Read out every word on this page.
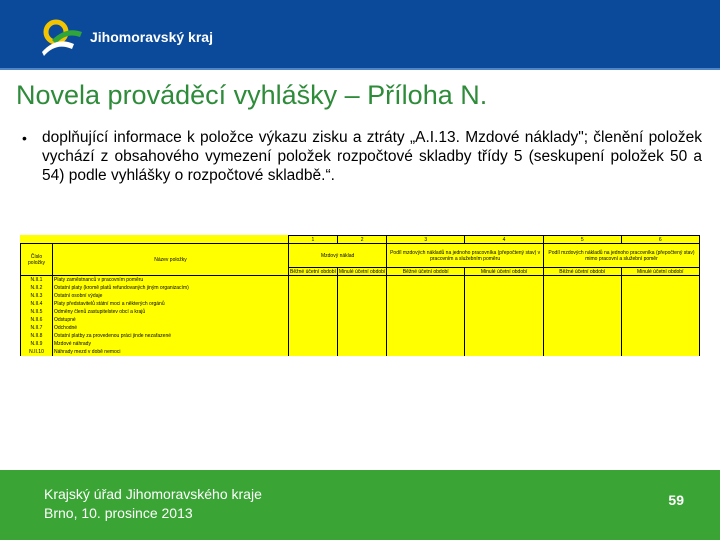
Jihomoravský kraj
Novela prováděcí vyhlášky – Příloha N.
• doplňující informace k položce výkazu zisku a ztráty „A.I.13. Mzdové náklady"; členění položek vychází z obsahového vymezení položek rozpočtové skladby třídy 5 (seskupení položek 50 a 54) podle vyhlášky o rozpočtové skladbě.“.
		1	2	3	4	5	6
Číslo položky	Název položky	Mzdový náklad		Podíl mzdových nákladů na jednoho pracovníka (přepočtený stav) v pracovním a služebním poměru		Podíl mzdových nákladů na jednoho pracovníka (přepočtený stav) mimo pracovní a služební poměr	
		Běžné účetní období	Minulé účetní období	Běžné účetní období	Minulé účetní období	Běžné účetní období	Minulé účetní období
N.II.1	Platy zaměstnanců v pracovním poměru						
N.II.2	Ostatní platy (kromě platů refundovaných jiným organizacím)						
N.II.3	Ostatní osobní výdaje						
N.II.4	Platy představitelů státní moci a některých orgánů						
N.II.5	Odměny členů zastupitelstev obcí a krajů						
N.II.6	Odstupné						
N.II.7	Odchodné						
N.II.8	Ostatní platby za provedenou práci jinde nezařazené						
N.II.9	Mzdové náhrady						
N.II.10	Náhrady mezd v době nemoci						
Krajský úřad Jihomoravského kraje
Brno, 10. prosince 2013
59
